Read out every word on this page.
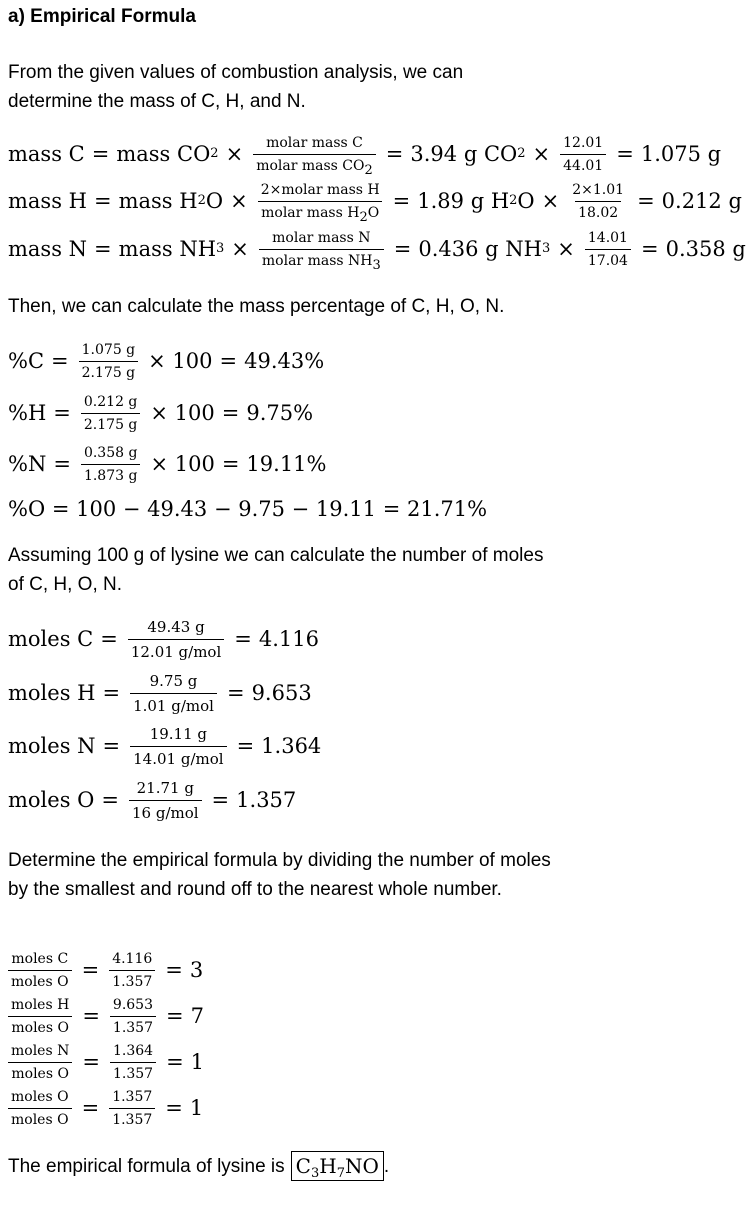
a) Empirical Formula
From the given values of combustion analysis, we can determine the mass of C, H, and N.
mass C = mass CO $2 \times \frac{\text{molar mass C}}{molar mass CO_2} = 3.94$ g CO $2 \times \frac{12.01}{44.01} = 1.075$ g
mass H = mass H 2 $O \times \frac{\text{2×molar mass H}}{molar mass H_2O} = 1.89$ g H 2 $O \times \frac{2\times 1.01}{18.02} = 0.212$ g
mass N = mass NH $3 \times \frac{\text{molar mass N}}{molar mass NH_3} = 0.436$ g NH $3 \times \frac{14.01}{17.04} = 0.358$ g
Then, we can calculate the mass percentage of C, H, O, N.
$\%C = \frac{1.075 g}{2.175 g} \times 100 = 49.43\%$
$\%H = \frac{0.212 g}{2.175 g} \times 100 = 9.75\%$
$\%N = \frac{0.358 g}{1.873 g} \times 100 = 19.11\%$
%O = 100 − 49.43 − 9.75 − 19.11 = 21.71%
Assuming 100 g of lysine we can calculate the number of moles of C, H, O, N.
moles $C = \frac{49.43 g}{\text{12.01 g/mol}} = 4.116$
moles $H = \frac{9.75 g}{\text{1.01 g/mol}} = 9.653$
moles $N = \frac{19.11 g}{\text{14.01 g/mol}} = 1.364$
moles $O = \frac{21.71 g}{\text{16 g/mol}} = 1.357$
Determine the empirical formula by dividing the number of moles by the smallest and round off to the nearest whole number.
$\frac{\text{moles C}}{\text{moles O}} = \frac{4.116}{1.357} = 3$
$\frac{\text{moles H}}{\text{moles O}} = \frac{9.653}{1.357} = 7$
$\frac{\text{moles N}}{\text{moles O}} = \frac{1.364}{1.357} = 1$
$\frac{\text{moles O}}{\text{moles O}} = \frac{1.357}{1.357} = 1$
The empirical formula of lysine is $C_3H_7NO$ .
